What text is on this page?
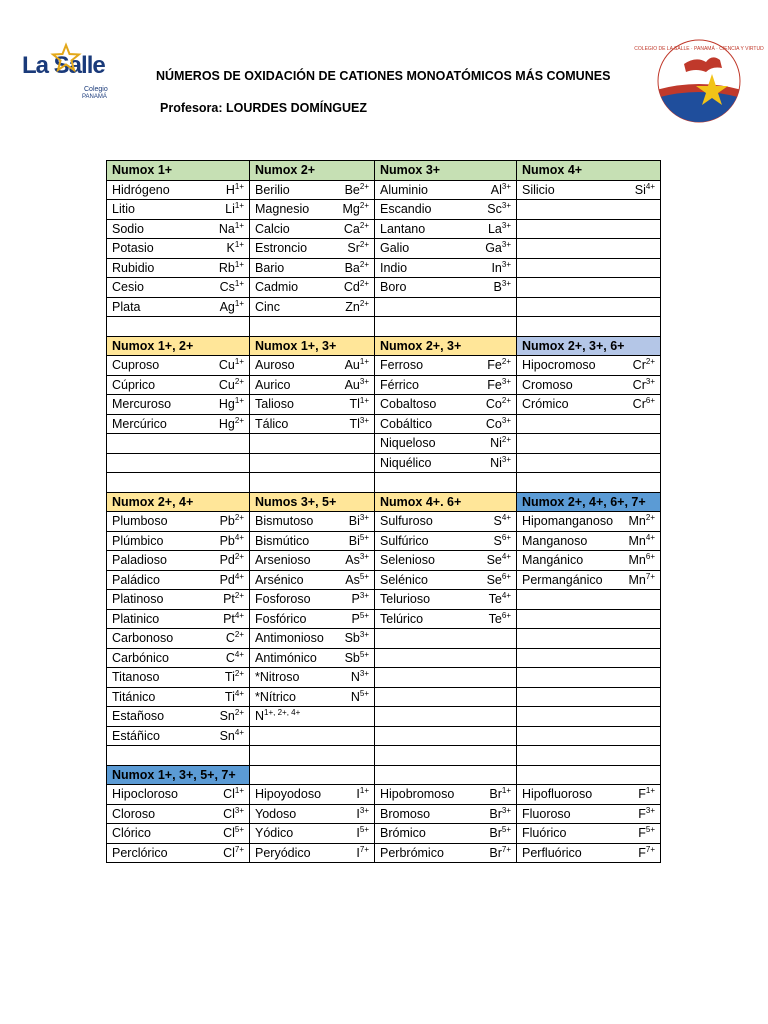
La Salle
Colegio
PANAMÁ
COLEGIO DE LA SALLE · PANAMÁ · CIENCIA Y VIRTUD
NÚMEROS DE OXIDACIÓN DE CATIONES MONOATÓMICOS MÁS COMUNES
Profesora: LOURDES DOMÍNGUEZ
Numox 1+	Numox 2+	Numox 3+	Numox 4+

Hidrógeno $H^{1+}$	Berilio $Be^{2+}$	Aluminio $Al^{3+}$	Silicio $Si^{4+}$

Litio $Li^{1+}$	Magnesio $Mg^{2+}$	Escandio $Sc^{3+}$

Sodio $Na^{1+}$	Calcio $Ca^{2+}$	Lantano $La^{3+}$

Potasio $K^{1+}$	Estroncio $Sr^{2+}$	Galio $Ga^{3+}$

Rubidio $Rb^{1+}$	Bario $Ba^{2+}$	Indio $In^{3+}$

Cesio $Cs^{1+}$	Cadmio $Cd^{2+}$	Boro $B^{3+}$

Plata $Ag^{1+}$	Cinc $Zn^{2+}$

Numox 1+, 2+	Numox 1+, 3+	Numox 2+, 3+	Numox 2+, 3+, 6+

Cuproso $Cu^{1+}$	Auroso $Au^{1+}$	Ferroso $Fe^{2+}$	Hipocromoso $Cr^{2+}$

Cúprico $Cu^{2+}$	Aurico $Au^{3+}$	Férrico $Fe^{3+}$	Cromoso $Cr^{3+}$

Mercuroso $Hg^{1+}$	Talioso $Tl^{1+}$	Cobaltoso $Co^{2+}$	Crómico $Cr^{6+}$

Mercúrico $Hg^{2+}$	Tálico $Tl^{3+}$	Cobáltico $Co^{3+}$

		Niqueloso $Ni^{2+}$

		Niquélico $Ni^{3+}$

Numox 2+, 4+	Numos 3+, 5+	Numox 4+. 6+	Numox 2+, 4+, 6+, 7+

Plumboso $Pb^{2+}$	Bismutoso $Bi^{3+}$	Sulfuroso $S^{4+}$	Hipomanganoso $Mn^{2+}$

Plúmbico $Pb^{4+}$	Bismútico $Bi^{5+}$	Sulfúrico $S^{6+}$	Manganoso $Mn^{4+}$

Paladioso $Pd^{2+}$	Arsenioso $As^{3+}$	Selenioso $Se^{4+}$	Mangánico $Mn^{6+}$

Paládico $Pd^{4+}$	Arsénico $As^{5+}$	Selénico $Se^{6+}$	Permangánico $Mn^{7+}$

Platinoso $Pt^{2+}$	Fosforoso $P^{3+}$	Telurioso $Te^{4+}$

Platinico $Pt^{4+}$	Fosfórico $P^{5+}$	Telúrico $Te^{6+}$

Carbonoso $C^{2+}$	Antimonioso $Sb^{3+}$

Carbónico $C^{4+}$	Antimónico $Sb^{5+}$

Titanoso $Ti^{2+}$	*Nitroso $N^{3+}$

Titánico $Ti^{4+}$	*Nítrico $N^{5+}$

Estañoso $Sn^{2+}$	$N^{1+, 2+, 4+}$

Estáñico $Sn^{4+}$

Numox 1+, 3+, 5+, 7+			

Hipocloroso $Cl^{1+}$	Hipoyodoso $I^{1+}$	Hipobromoso $Br^{1+}$	Hipofluoroso $F^{1+}$

Cloroso $Cl^{3+}$	Yodoso $I^{3+}$	Bromoso $Br^{3+}$	Fluoroso $F^{3+}$

Clórico $Cl^{5+}$	Yódico $I^{5+}$	Brómico $Br^{5+}$	Fluórico $F^{5+}$

Perclórico $Cl^{7+}$	Peryódico $I^{7+}$	Perbrómico $Br^{7+}$	Perfluórico $F^{7+}$
